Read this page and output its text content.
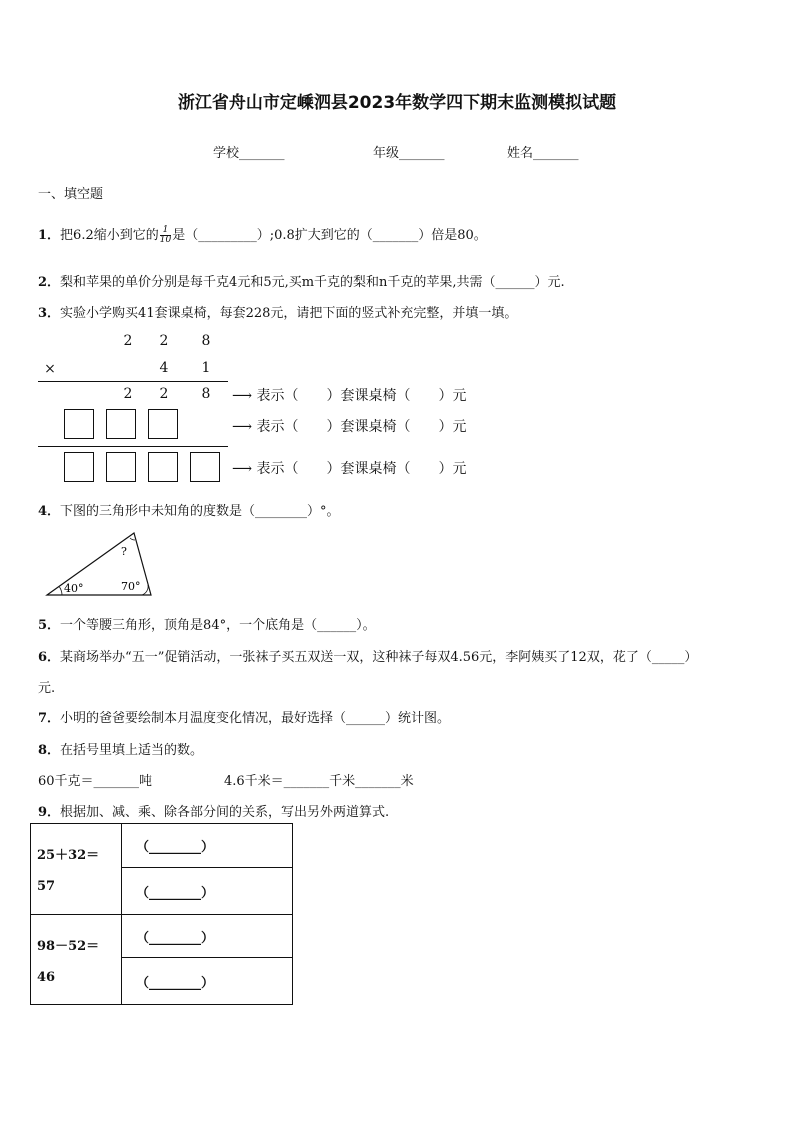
浙江省舟山市定嵊泗县2023年数学四下期末监测模拟试题
学校_______	年级_______	姓名_______
一、填空题
1．把6.2缩小到它的 $\frac{1}{10}$ 是（_________）;0.8扩大到它的（_______）倍是80。
2．梨和苹果的单价分别是每千克4元和5元,买m千克的梨和n千克的苹果,共需（______）元.
3．实验小学购买41套课桌椅，每套228元，请把下面的竖式补充完整，并填一填。
2	2	8
×	4	1
2	2	8	⟶ 表示（　　）套课桌椅（　　）元
⟶ 表示（　　）套课桌椅（　　）元
⟶ 表示（　　）套课桌椅（　　）元
4．下图的三角形中未知角的度数是（________）°。
40°	70°
?
5．一个等腰三角形，顶角是84°，一个底角是（______）。
6．某商场举办“五一”促销活动，一张袜子买五双送一双，这种袜子每双4.56元，李阿姨买了12双，花了（_____）
元.
7．小明的爸爸要绘制本月温度变化情况，最好选择（______）统计图。
8．在括号里填上适当的数。
60千克＝_______吨	4.6千米＝_______千米_______米
9．根据加、减、乘、除各部分间的关系，写出另外两道算式.
25＋32＝
57	（________）
	（________）

98－52＝
46	（________）
	（________）
